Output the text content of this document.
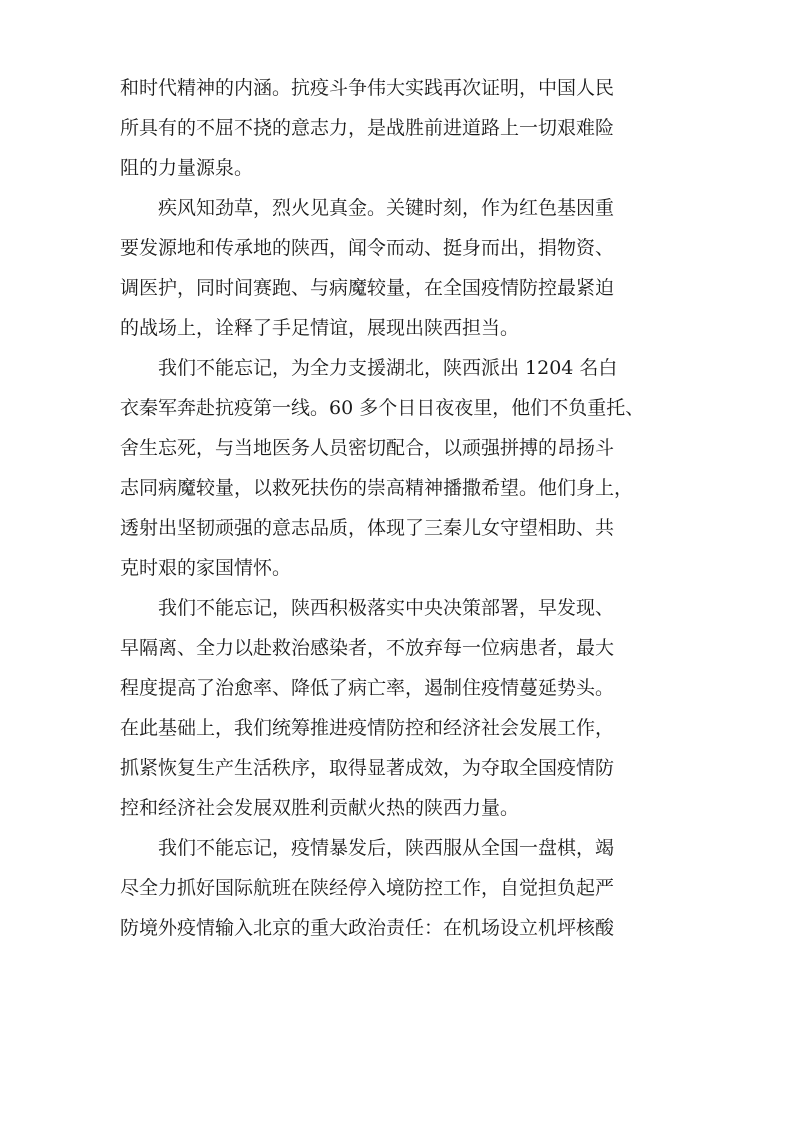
和时代精神的内涵。抗疫斗争伟大实践再次证明，中国人民
所具有的不屈不挠的意志力，是战胜前进道路上一切艰难险
阻的力量源泉。
疾风知劲草，烈火见真金。关键时刻，作为红色基因重
要发源地和传承地的陕西，闻令而动、挺身而出，捐物资、
调医护，同时间赛跑、与病魔较量，在全国疫情防控最紧迫
的战场上，诠释了手足情谊，展现出陕西担当。
我们不能忘记，为全力支援湖北，陕西派出 1204 名白
衣秦军奔赴抗疫第一线。60 多个日日夜夜里，他们不负重托、
舍生忘死，与当地医务人员密切配合，以顽强拼搏的昂扬斗
志同病魔较量，以救死扶伤的崇高精神播撒希望。他们身上，
透射出坚韧顽强的意志品质，体现了三秦儿女守望相助、共
克时艰的家国情怀。
我们不能忘记，陕西积极落实中央决策部署，早发现、
早隔离、全力以赴救治感染者，不放弃每一位病患者，最大
程度提高了治愈率、降低了病亡率，遏制住疫情蔓延势头。
在此基础上，我们统筹推进疫情防控和经济社会发展工作，
抓紧恢复生产生活秩序，取得显著成效，为夺取全国疫情防
控和经济社会发展双胜利贡献火热的陕西力量。
我们不能忘记，疫情暴发后，陕西服从全国一盘棋，竭
尽全力抓好国际航班在陕经停入境防控工作，自觉担负起严
防境外疫情输入北京的重大政治责任：在机场设立机坪核酸
